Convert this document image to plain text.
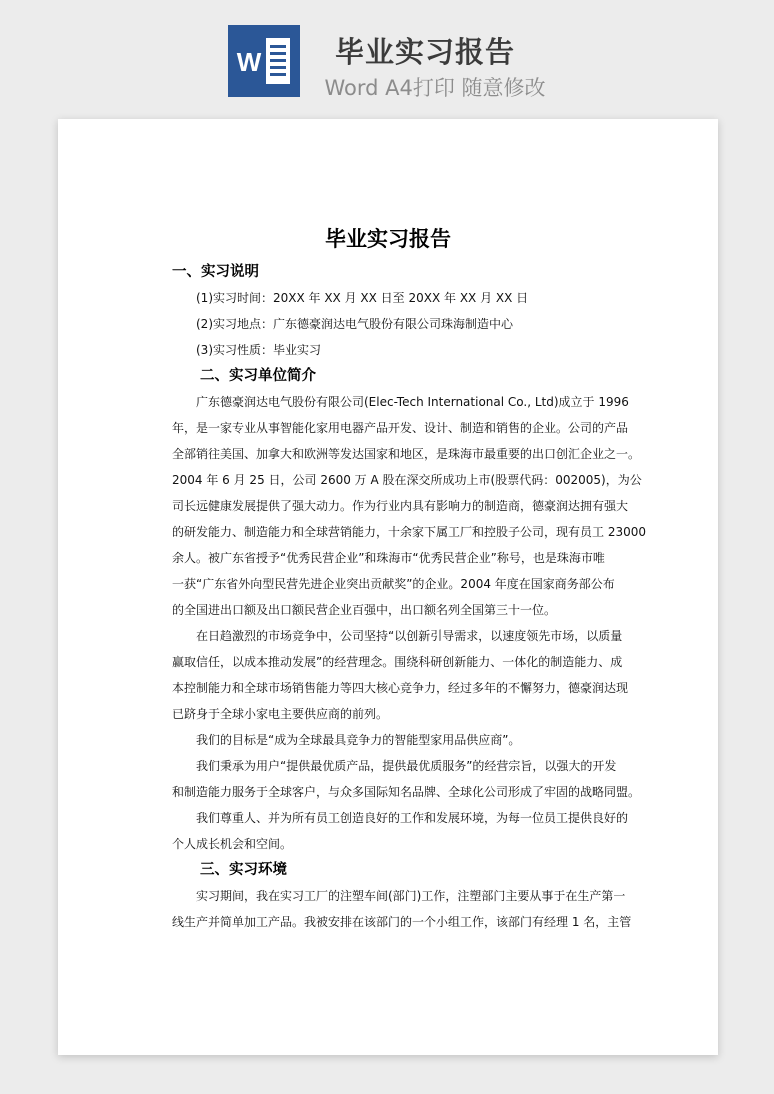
W	毕业实习报告
Word A4打印 随意修改
毕业实习报告
一、实习说明
(1)实习时间：20XX 年 XX 月 XX 日至 20XX 年 XX 月 XX 日
(2)实习地点：广东德豪润达电气股份有限公司珠海制造中心
(3)实习性质：毕业实习
二、实习单位简介
广东德豪润达电气股份有限公司(Elec-Tech International Co., Ltd)成立于 1996
年，是一家专业从事智能化家用电器产品开发、设计、制造和销售的企业。公司的产品
全部销往美国、加拿大和欧洲等发达国家和地区，是珠海市最重要的出口创汇企业之一。
2004 年 6 月 25 日，公司 2600 万 A 股在深交所成功上市(股票代码：002005)，为公
司长远健康发展提供了强大动力。作为行业内具有影响力的制造商，德豪润达拥有强大
的研发能力、制造能力和全球营销能力，十余家下属工厂和控股子公司，现有员工 23000
余人。被广东省授予“优秀民营企业”和珠海市“优秀民营企业”称号，也是珠海市唯
一获“广东省外向型民营先进企业突出贡献奖”的企业。2004 年度在国家商务部公布
的全国进出口额及出口额民营企业百强中，出口额名列全国第三十一位。
在日趋激烈的市场竞争中，公司坚持“以创新引导需求，以速度领先市场，以质量
赢取信任，以成本推动发展”的经营理念。围绕科研创新能力、一体化的制造能力、成
本控制能力和全球市场销售能力等四大核心竞争力，经过多年的不懈努力，德豪润达现
已跻身于全球小家电主要供应商的前列。
我们的目标是“成为全球最具竞争力的智能型家用品供应商”。
我们秉承为用户“提供最优质产品，提供最优质服务”的经营宗旨，以强大的开发
和制造能力服务于全球客户，与众多国际知名品牌、全球化公司形成了牢固的战略同盟。
我们尊重人、并为所有员工创造良好的工作和发展环境，为每一位员工提供良好的
个人成长机会和空间。
三、实习环境
实习期间，我在实习工厂的注塑车间(部门)工作，注塑部门主要从事于在生产第一
线生产并简单加工产品。我被安排在该部门的一个小组工作，该部门有经理 1 名，主管
